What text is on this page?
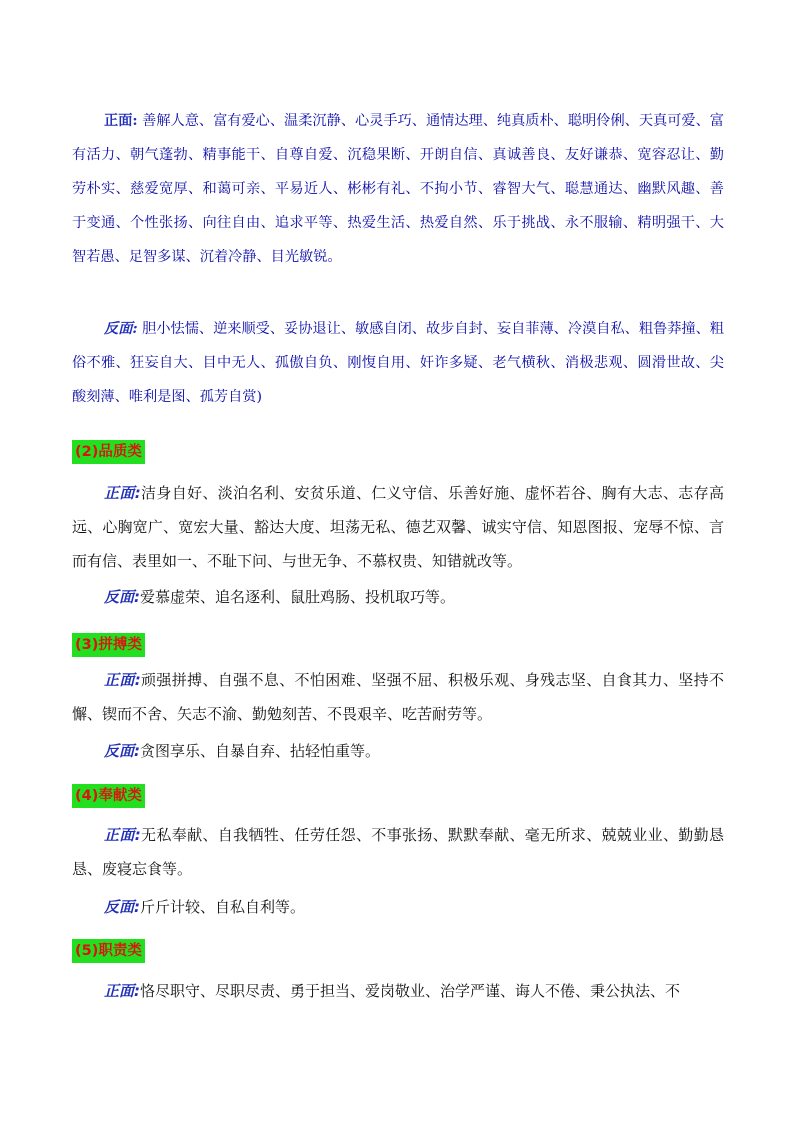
正面: 善解人意、富有爱心、温柔沉静、心灵手巧、通情达理、纯真质朴、聪明伶俐、天真可爱、富有活力、朝气蓬勃、精事能干、自尊自爱、沉稳果断、开朗自信、真诚善良、友好谦恭、宽容忍让、勤劳朴实、慈爱宽厚、和蔼可亲、平易近人、彬彬有礼、不拘小节、睿智大气、聪慧通达、幽默风趣、善于变通、个性张扬、向往自由、追求平等、热爱生活、热爱自然、乐于挑战、永不服输、精明强干、大智若愚、足智多谋、沉着冷静、目光敏锐。

反面: 胆小怯懦、逆来顺受、妥协退让、敏感自闭、故步自封、妄自菲薄、冷漠自私、粗鲁莽撞、粗俗不雅、狂妄自大、目中无人、孤傲自负、刚愎自用、奸诈多疑、老气横秋、消极悲观、圆滑世故、尖酸刻薄、唯利是图、孤芳自赏)

(2)品质类

正面:洁身自好、淡泊名利、安贫乐道、仁义守信、乐善好施、虚怀若谷、胸有大志、志存高远、心胸宽广、宽宏大量、豁达大度、坦荡无私、德艺双馨、诚实守信、知恩图报、宠辱不惊、言而有信、表里如一、不耻下问、与世无争、不慕权贵、知错就改等。

反面:爱慕虚荣、追名逐利、鼠肚鸡肠、投机取巧等。

(3)拼搏类

正面:顽强拼搏、自强不息、不怕困难、坚强不屈、积极乐观、身残志坚、自食其力、坚持不懈、锲而不舍、矢志不渝、勤勉刻苦、不畏艰辛、吃苦耐劳等。

反面:贪图享乐、自暴自弃、拈轻怕重等。

(4)奉献类

正面:无私奉献、自我牺牲、任劳任怨、不事张扬、默默奉献、毫无所求、兢兢业业、勤勤恳恳、废寝忘食等。

反面:斤斤计较、自私自利等。

(5)职责类

正面:恪尽职守、尽职尽责、勇于担当、爱岗敬业、治学严谨、诲人不倦、秉公执法、不
